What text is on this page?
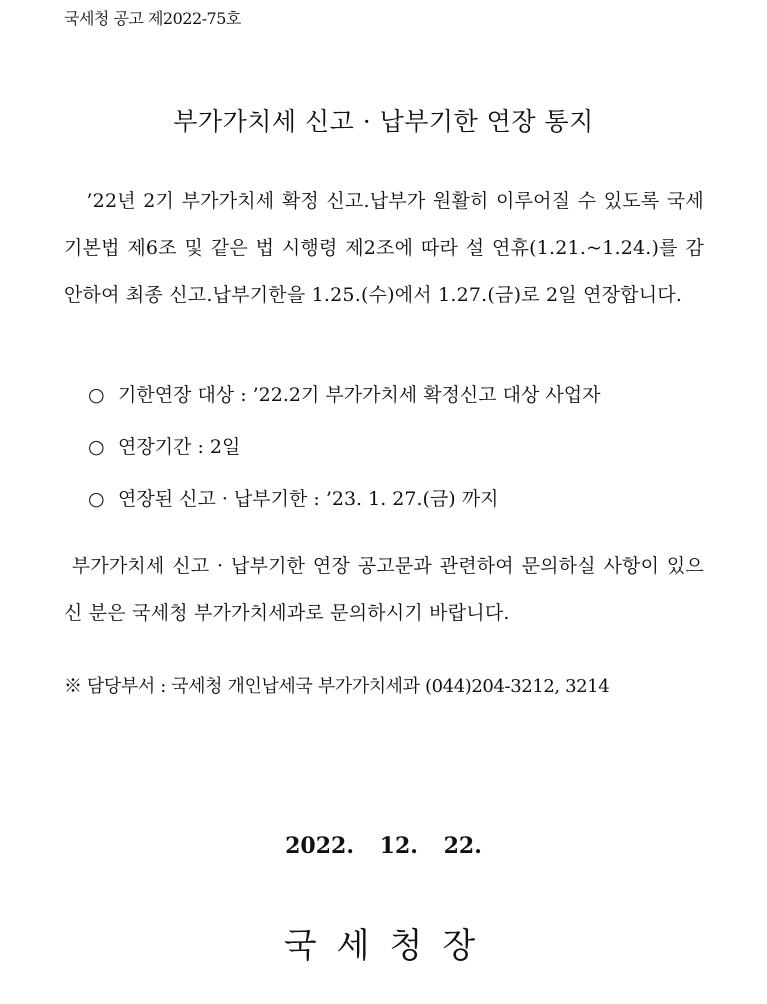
국세청 공고 제2022-75호
부가가치세 신고 · 납부기한 연장 통지

’22년 2기 부가가치세 확정 신고.납부가 원활히 이루어질 수 있도록 국세기본법 제6조 및 같은 법 시행령 제2조에 따라 설 연휴(1.21.~1.24.)를 감안하여 최종 신고.납부기한을 1.25.(수)에서 1.27.(금)로 2일 연장합니다.

○ 기한연장 대상 : ’22.2기 부가가치세 확정신고 대상 사업자
○ 연장기간 : 2일
○ 연장된 신고 · 납부기한 : ’23. 1. 27.(금) 까지

부가가치세 신고 · 납부기한 연장 공고문과 관련하여 문의하실 사항이 있으신 분은 국세청 부가가치세과로 문의하시기 바랍니다.

※ 담당부서 : 국세청 개인납세국 부가가치세과 (044)204-3212, 3214
2022. 12. 22.
국세청장
